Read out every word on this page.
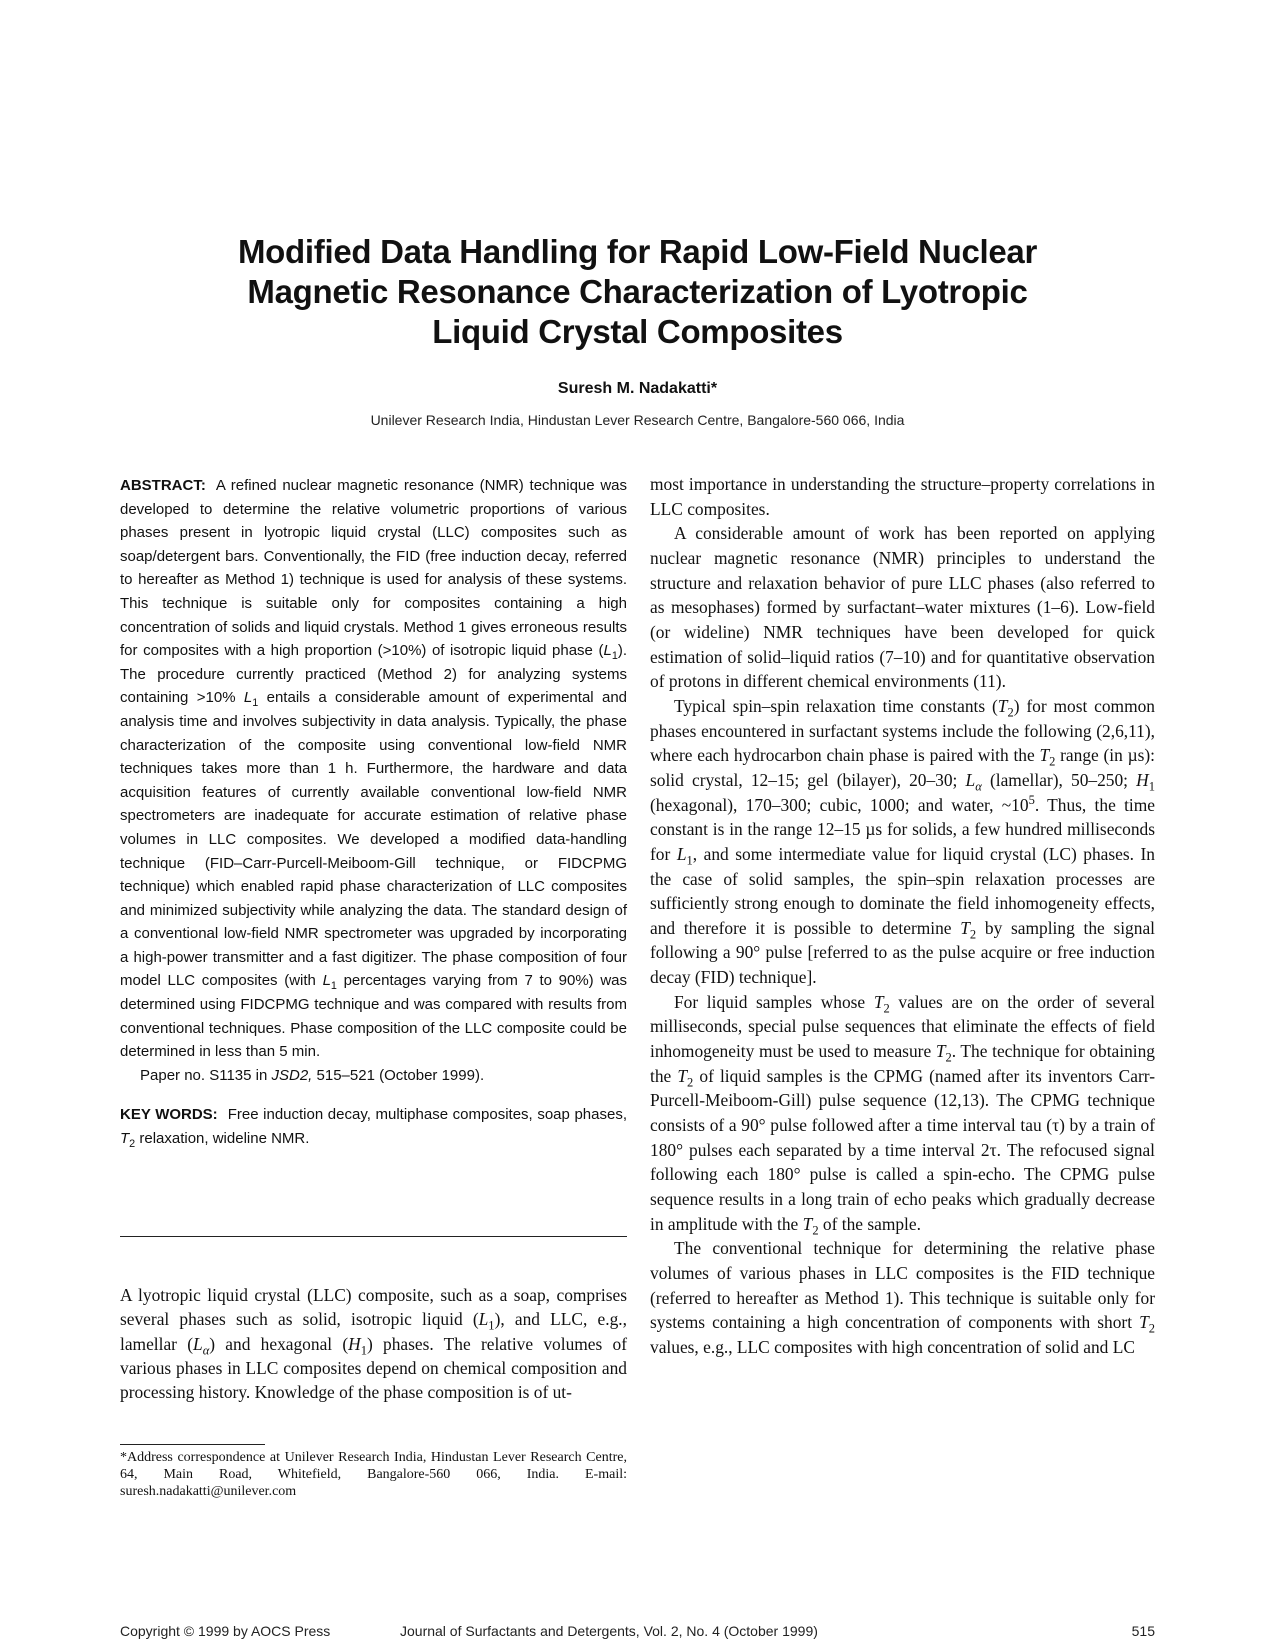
Modified Data Handling for Rapid Low-Field Nuclear
Magnetic Resonance Characterization of Lyotropic
Liquid Crystal Composites
Suresh M. Nadakatti*
Unilever Research India, Hindustan Lever Research Centre, Bangalore-560 066, India

ABSTRACT: A refined nuclear magnetic resonance (NMR) technique was developed to determine the relative volumetric proportions of various phases present in lyotropic liquid crystal (LLC) composites such as soap/detergent bars. Conventionally, the FID (free induction decay, referred to hereafter as Method 1) technique is used for analysis of these systems. This technique is suitable only for composites containing a high concentration of solids and liquid crystals. Method 1 gives erroneous results for composites with a high proportion (>10%) of isotropic liquid phase $(L_1)$. The procedure currently practiced (Method 2) for analyzing systems containing >10% $L_1$ entails a considerable amount of experimental and analysis time and involves subjectivity in data analysis. Typically, the phase characterization of the composite using conventional low-field NMR techniques takes more than 1 h. Furthermore, the hardware and data acquisition features of currently available conventional low-field NMR spectrometers are inadequate for accurate estimation of relative phase volumes in LLC composites. We developed a modified data-handling technique (FID–Carr-Purcell-Meiboom-Gill technique, or FIDCPMG technique) which enabled rapid phase characterization of LLC composites and minimized subjectivity while analyzing the data. The standard design of a conventional low-field NMR spectrometer was upgraded by incorporating a high-power transmitter and a fast digitizer. The phase composition of four model LLC composites (with $L_1$ percentages varying from 7 to 90%) was determined using FIDCPMG technique and was compared with results from conventional techniques. Phase composition of the LLC composite could be determined in less than 5 min.

Paper no. S1135 in JSD2, 515–521 (October 1999).

KEY WORDS: Free induction decay, multiphase composites, soap phases, $T_2$ relaxation, wideline NMR.

A lyotropic liquid crystal (LLC) composite, such as a soap, comprises several phases such as solid, isotropic liquid $(L_1)$, and LLC, e.g., lamellar $(L_\alpha)$ and hexagonal $(H_1)$ phases. The relative volumes of various phases in LLC composites depend on chemical composition and processing history. Knowledge of the phase composition is of ut-

*Address correspondence at Unilever Research India, Hindustan Lever Research Centre, 64, Main Road, Whitefield, Bangalore-560 066, India. E-mail: suresh.nadakatti@unilever.com

most importance in understanding the structure–property correlations in LLC composites.

A considerable amount of work has been reported on applying nuclear magnetic resonance (NMR) principles to understand the structure and relaxation behavior of pure LLC phases (also referred to as mesophases) formed by surfactant–water mixtures (1–6). Low-field (or wideline) NMR techniques have been developed for quick estimation of solid–liquid ratios (7–10) and for quantitative observation of protons in different chemical environments (11).

Typical spin–spin relaxation time constants $(T_2)$ for most common phases encountered in surfactant systems include the following (2,6,11), where each hydrocarbon chain phase is paired with the $T_2$ range (in µs): solid crystal, 12–15; gel (bilayer), 20–30; $L_\alpha$ (lamellar), 50–250; $H_1$ (hexagonal), 170–300; cubic, 1000; and water, $\sim 10^5$. Thus, the time constant is in the range 12–15 µs for solids, a few hundred milliseconds for $L_1$, and some intermediate value for liquid crystal (LC) phases. In the case of solid samples, the spin–spin relaxation processes are sufficiently strong enough to dominate the field inhomogeneity effects, and therefore it is possible to determine $T_2$ by sampling the signal following a 90° pulse [referred to as the pulse acquire or free induction decay (FID) technique].

For liquid samples whose $T_2$ values are on the order of several milliseconds, special pulse sequences that eliminate the effects of field inhomogeneity must be used to measure $T_2$. The technique for obtaining the $T_2$ of liquid samples is the CPMG (named after its inventors Carr-Purcell-Meiboom-Gill) pulse sequence (12,13). The CPMG technique consists of a 90° pulse followed after a time interval tau (τ) by a train of 180° pulses each separated by a time interval 2τ. The refocused signal following each 180° pulse is called a spin-echo. The CPMG pulse sequence results in a long train of echo peaks which gradually decrease in amplitude with the $T_2$ of the sample.

The conventional technique for determining the relative phase volumes of various phases in LLC composites is the FID technique (referred to hereafter as Method 1). This technique is suitable only for systems containing a high concentration of components with short $T_2$ values, e.g., LLC composites with high concentration of solid and LC

Copyright © 1999 by AOCS Press	Journal of Surfactants and Detergents, Vol. 2, No. 4 (October 1999)	515
